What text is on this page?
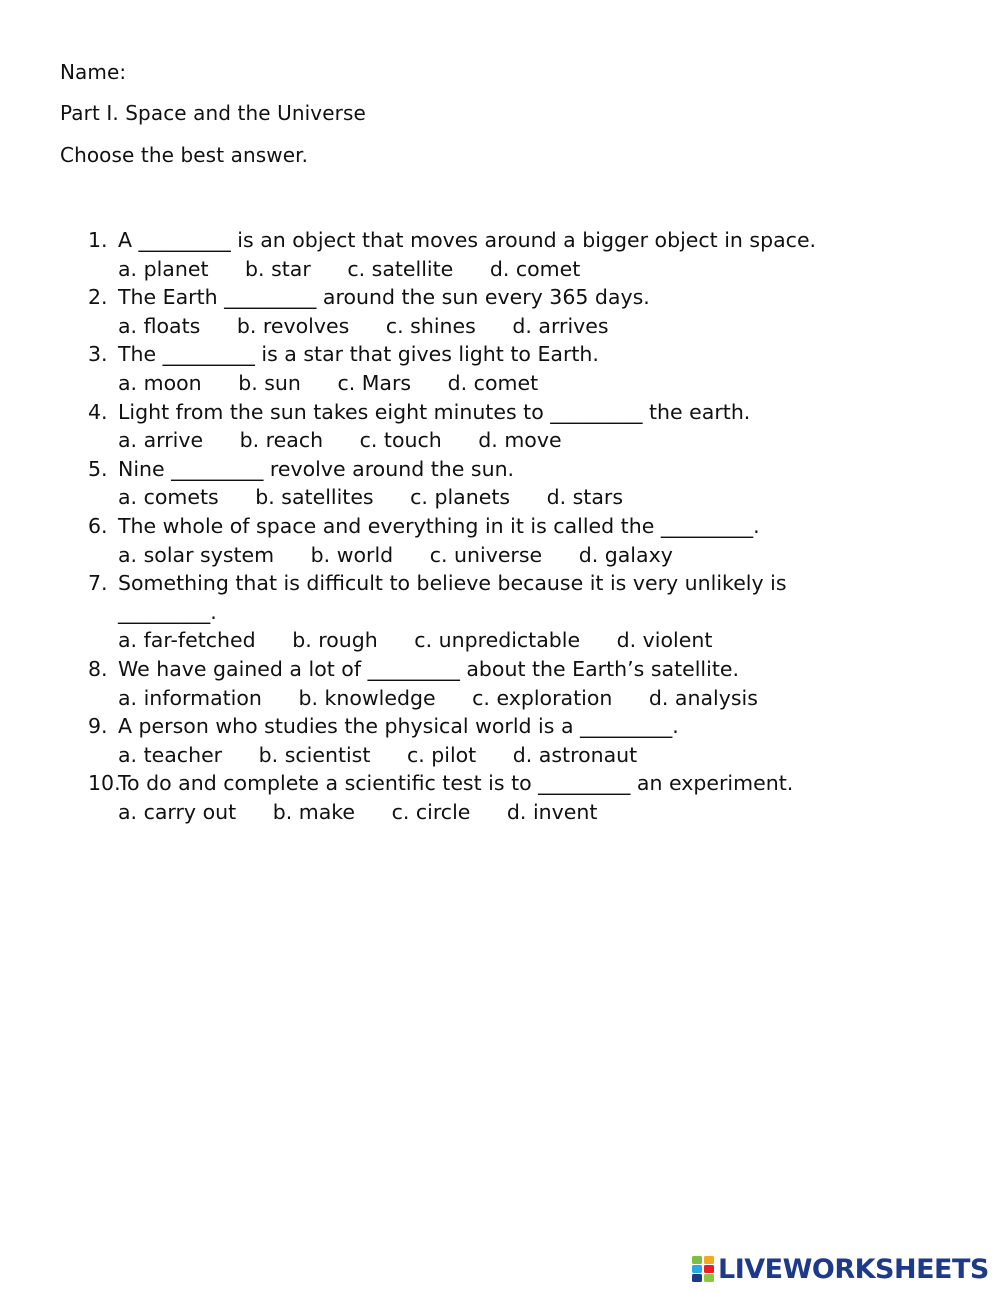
Name:
Part I. Space and the Universe
Choose the best answer.
1. A _________ is an object that moves around a bigger object in space.
a. planet b. star c. satellite d. comet
2. The Earth _________ around the sun every 365 days.
a. floats b. revolves c. shines d. arrives
3. The _________ is a star that gives light to Earth.
a. moon b. sun c. Mars d. comet
4. Light from the sun takes eight minutes to _________ the earth.
a. arrive b. reach c. touch d. move
5. Nine _________ revolve around the sun.
a. comets b. satellites c. planets d. stars
6. The whole of space and everything in it is called the _________.
a. solar system b. world c. universe d. galaxy
7. Something that is difficult to believe because it is very unlikely is
_________.
a. far-fetched b. rough c. unpredictable d. violent
8. We have gained a lot of _________ about the Earth’s satellite.
a. information b. knowledge c. exploration d. analysis
9. A person who studies the physical world is a _________.
a. teacher b. scientist c. pilot d. astronaut
10.
To do and complete a scientific test is to _________ an experiment.
a. carry out b. make c. circle d. invent
LIVEWORKSHEETS
